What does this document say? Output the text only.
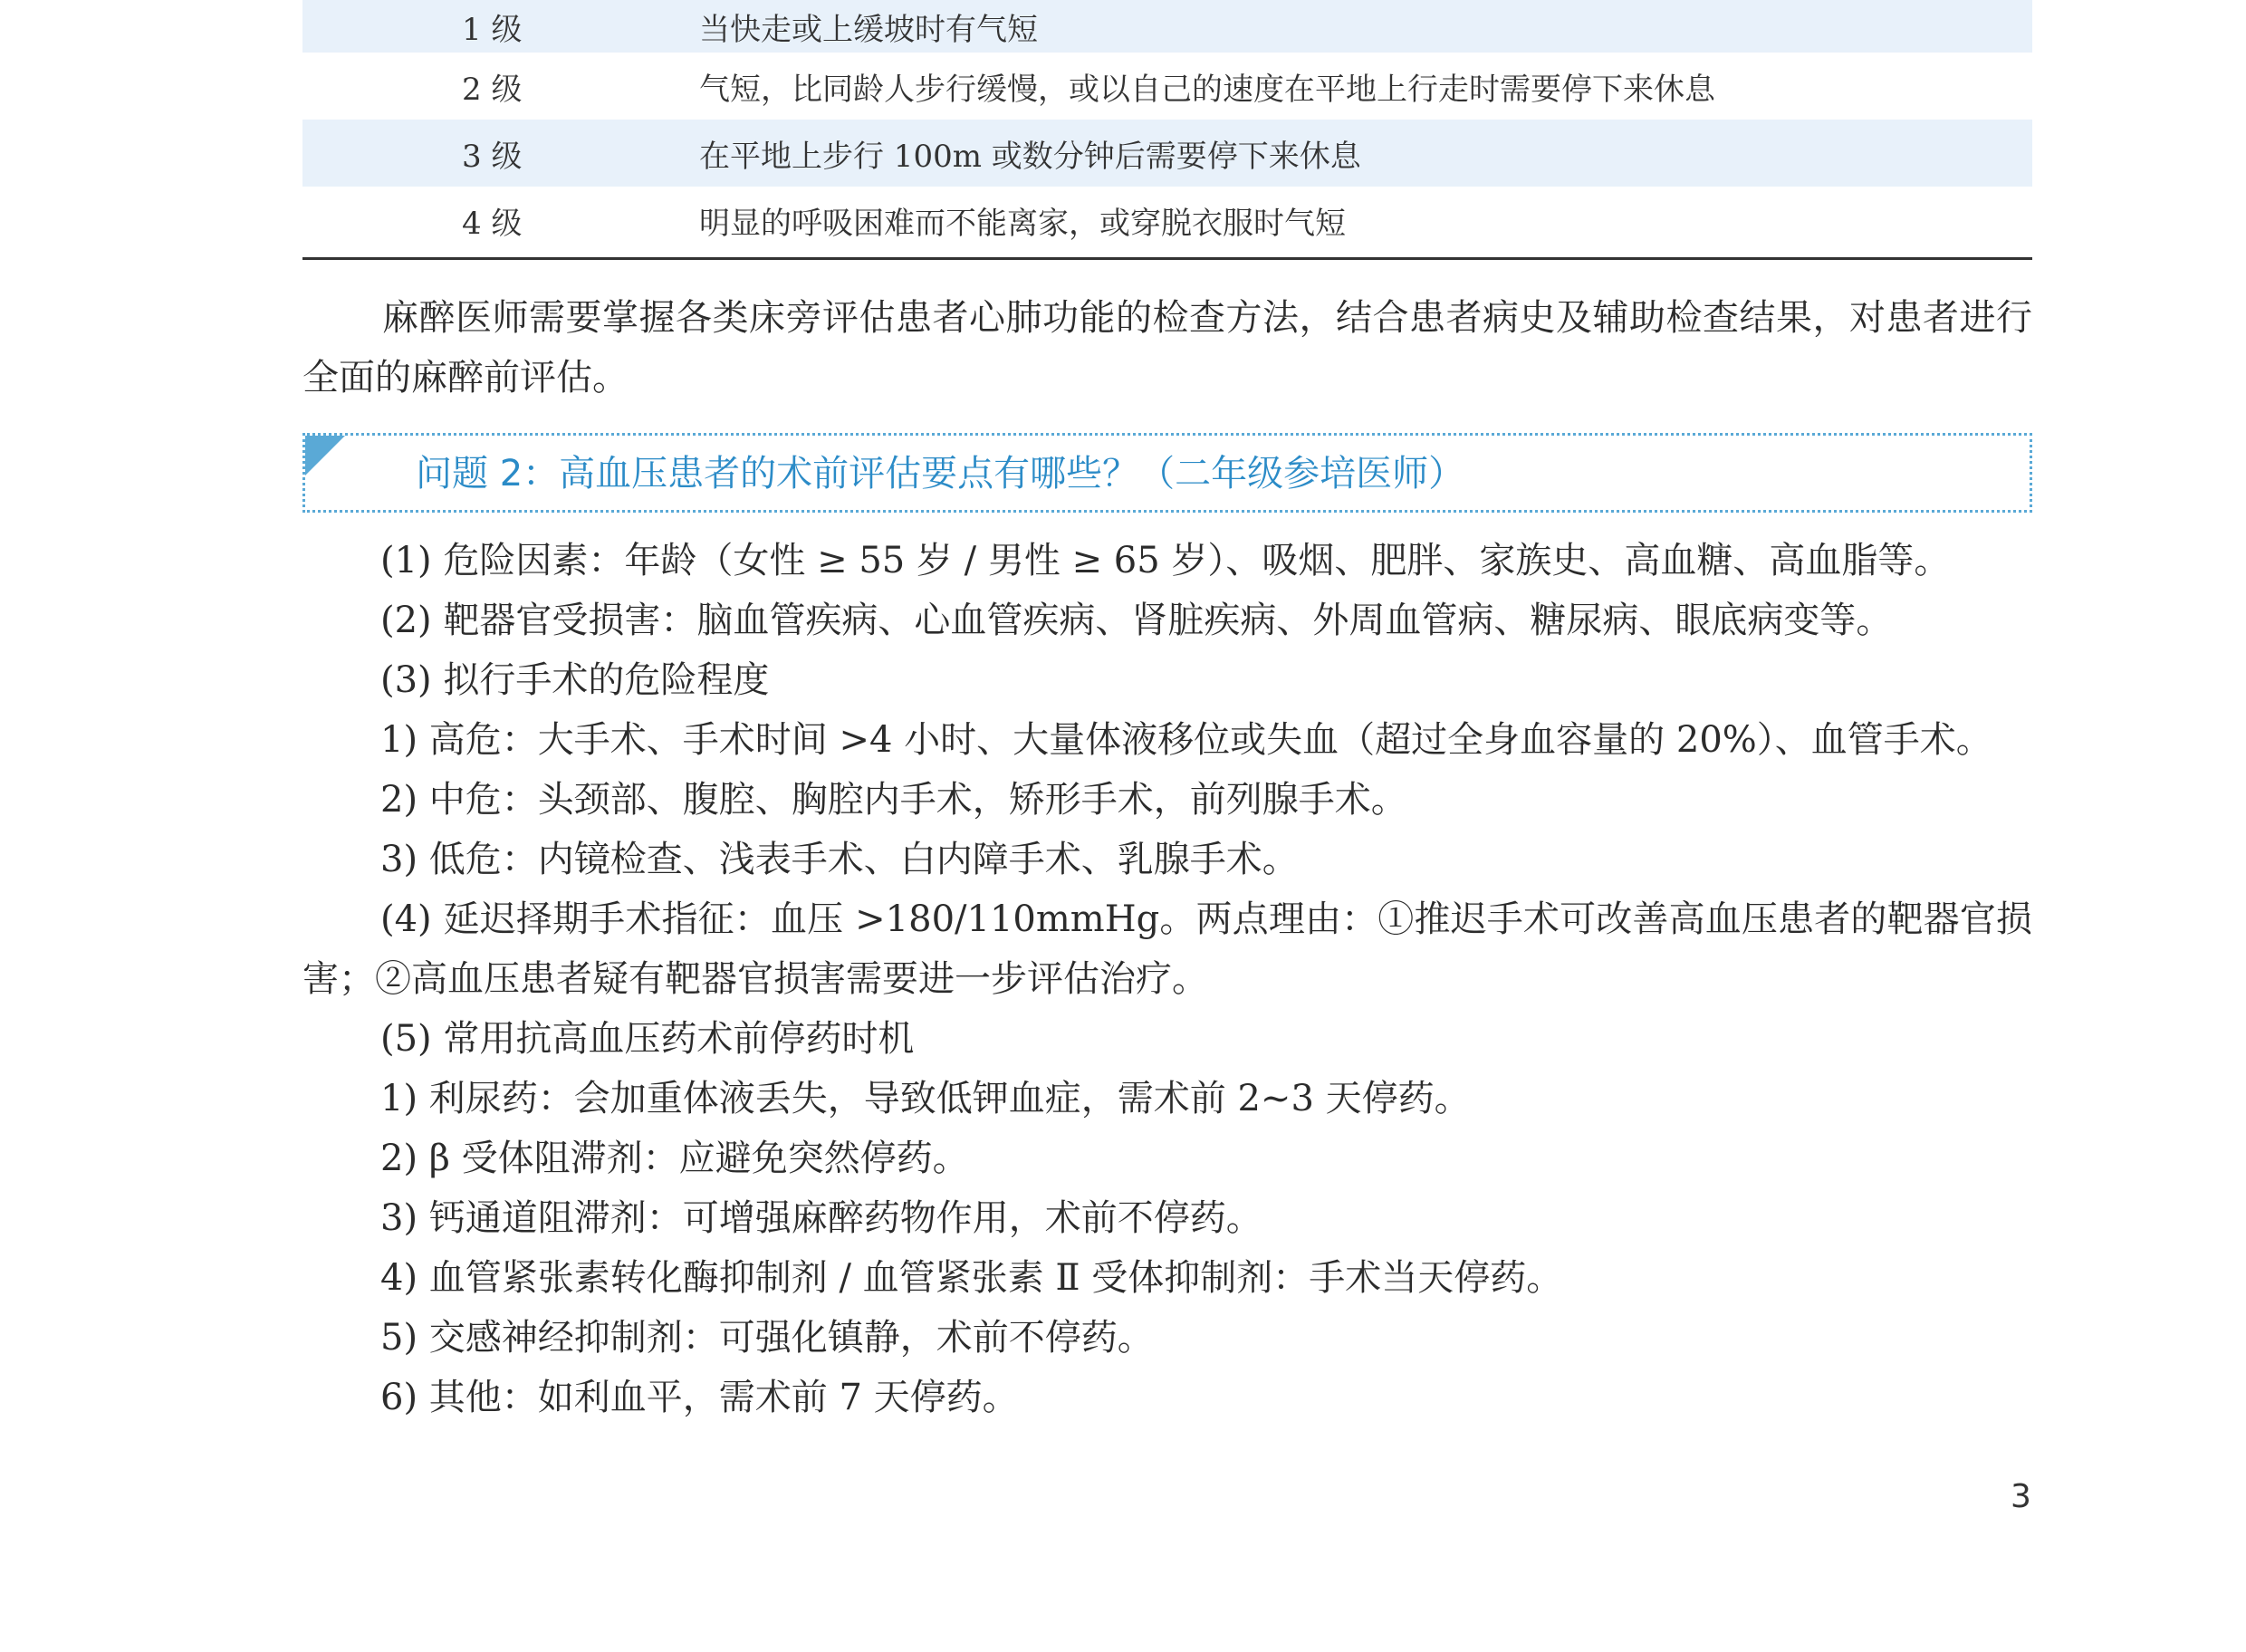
1 级	当快走或上缓坡时有气短
2 级	气短，比同龄人步行缓慢，或以自己的速度在平地上行走时需要停下来休息
3 级	在平地上步行 100m 或数分钟后需要停下来休息
4 级	明显的呼吸困难而不能离家，或穿脱衣服时气短

麻醉医师需要掌握各类床旁评估患者心肺功能的检查方法，结合患者病史及辅助检查结果，对患者进行全面的麻醉前评估。

问题 2：高血压患者的术前评估要点有哪些？（二年级参培医师）
(1) 危险因素：年龄（女性 ≥ 55 岁 / 男性 ≥ 65 岁）、吸烟、肥胖、家族史、高血糖、高血脂等。
(2) 靶器官受损害：脑血管疾病、心血管疾病、肾脏疾病、外周血管病、糖尿病、眼底病变等。
(3) 拟行手术的危险程度
1) 高危：大手术、手术时间 >4 小时、大量体液移位或失血（超过全身血容量的 20%）、血管手术。
2) 中危：头颈部、腹腔、胸腔内手术，矫形手术，前列腺手术。
3) 低危：内镜检查、浅表手术、白内障手术、乳腺手术。
(4) 延迟择期手术指征：血压 >180/110mmHg。两点理由：①推迟手术可改善高血压患者的靶器官损害；②高血压患者疑有靶器官损害需要进一步评估治疗。
(5) 常用抗高血压药术前停药时机
1) 利尿药：会加重体液丢失，导致低钾血症，需术前 2~3 天停药。
2) β 受体阻滞剂：应避免突然停药。
3) 钙通道阻滞剂：可增强麻醉药物作用，术前不停药。
4) 血管紧张素转化酶抑制剂 / 血管紧张素 Ⅱ 受体抑制剂：手术当天停药。
5) 交感神经抑制剂：可强化镇静，术前不停药。
6) 其他：如利血平，需术前 7 天停药。
3
